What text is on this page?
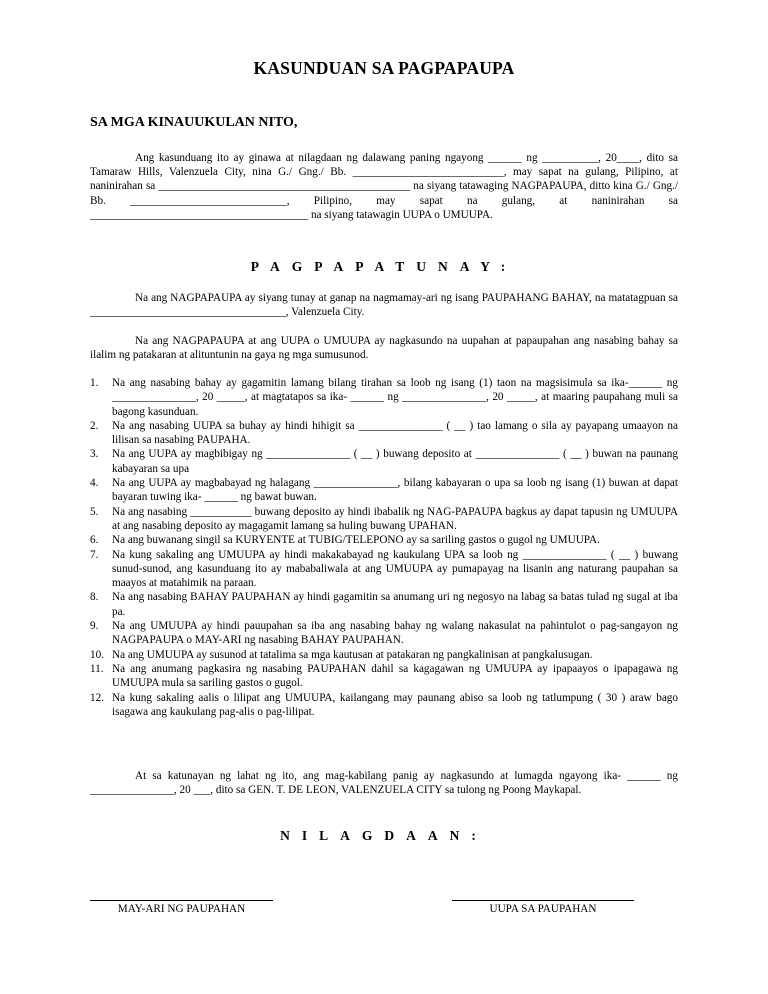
KASUNDUAN SA PAGPAPAUPA
SA MGA KINAUUKULAN NITO,
Ang kasunduang ito ay ginawa at nilagdaan ng dalawang paning ngayong ______ ng __________, 20____, dito sa Tamaraw Hills, Valenzuela City, nina G./ Gng./ Bb. ___________________________, may sapat na gulang, Pilipino, at naninirahan sa _____________________________________________ na siyang tatawaging NAGPAPAUPA, ditto kina G./ Gng./ Bb. ____________________________, Pilipino, may sapat na gulang, at naninirahan sa _______________________________________ na siyang tatawagin UUPA o UMUUPA.
PAGPAPATUNAY:
Na ang NAGPAPAUPA ay siyang tunay at ganap na nagmamay-ari ng isang PAUPAHANG BAHAY, na matatagpuan sa ___________________________________, Valenzuela City.
Na ang NAGPAPAUPA at ang UUPA o UMUUPA ay nagkasundo na uupahan at papaupahan ang nasabing bahay sa ilalim ng patakaran at alituntunin na gaya ng mga sumusunod.
1. Na ang nasabing bahay ay gagamitin lamang bilang tirahan sa loob ng isang (1) taon na magsisimula sa ika-______ ng _______________, 20 _____, at magtatapos sa ika- ______ ng _______________, 20 _____, at maaring paupahang muli sa bagong kasunduan.
2. Na ang nasabing UUPA sa buhay ay hindi hihigit sa _______________ ( __ ) tao lamang o sila ay payapang umaayon na lilisan sa nasabing PAUPAHA.
3. Na ang UUPA ay magbibigay ng _______________ ( __ ) buwang deposito at _______________ ( __ ) buwan na paunang kabayaran sa upa
4. Na ang UUPA ay magbabayad ng halagang _______________, bilang kabayaran o upa sa loob ng isang (1) buwan at dapat bayaran tuwing ika- ______ ng bawat buwan.
5. Na ang nasabing ___________ buwang deposito ay hindi ibabalik ng NAG-PAPAUPA bagkus ay dapat tapusin ng UMUUPA at ang nasabing deposito ay magagamit lamang sa huling buwang UPAHAN.
6. Na ang buwanang singil sa KURYENTE at TUBIG/TELEPONO ay sa sariling gastos o gugol ng UMUUPA.
7. Na kung sakaling ang UMUUPA ay hindi makakabayad ng kaukulang UPA sa loob ng _______________ ( __ ) buwang sunud-sunod, ang kasunduang ito ay mababaliwala at ang UMUUPA ay pumapayag na lisanin ang naturang paupahan sa maayos at matahimik na paraan.
8. Na ang nasabing BAHAY PAUPAHAN ay hindi gagamitin sa anumang uri ng negosyo na labag sa batas tulad ng sugal at iba pa.
9. Na ang UMUUPA ay hindi pauupahan sa iba ang nasabing bahay ng walang nakasulat na pahintulot o pag-sangayon ng NAGPAPAUPA o MAY-ARI ng nasabing BAHAY PAUPAHAN.
10. Na ang UMUUPA ay susunod at tatalima sa mga kautusan at patakaran ng pangkalinisan at pangkalusugan.
11. Na ang anumang pagkasira ng nasabing PAUPAHAN dahil sa kagagawan ng UMUUPA ay ipapaayos o ipapagawa ng UMUUPA mula sa sariling gastos o gugol.
12. Na kung sakaling aalis o lilipat ang UMUUPA, kailangang may paunang abiso sa loob ng tatlumpung ( 30 ) araw bago isagawa ang kaukulang pag-alis o pag-lilipat.
At sa katunayan ng lahat ng ito, ang mag-kabilang panig ay nagkasundo at lumagda ngayong ika- ______ ng _______________, 20 ___, dito sa GEN. T. DE LEON, VALENZUELA CITY sa tulong ng Poong Maykapal.
NILAGDAAN:
MAY-ARI NG PAUPAHAN	UUPA SA PAUPAHAN
